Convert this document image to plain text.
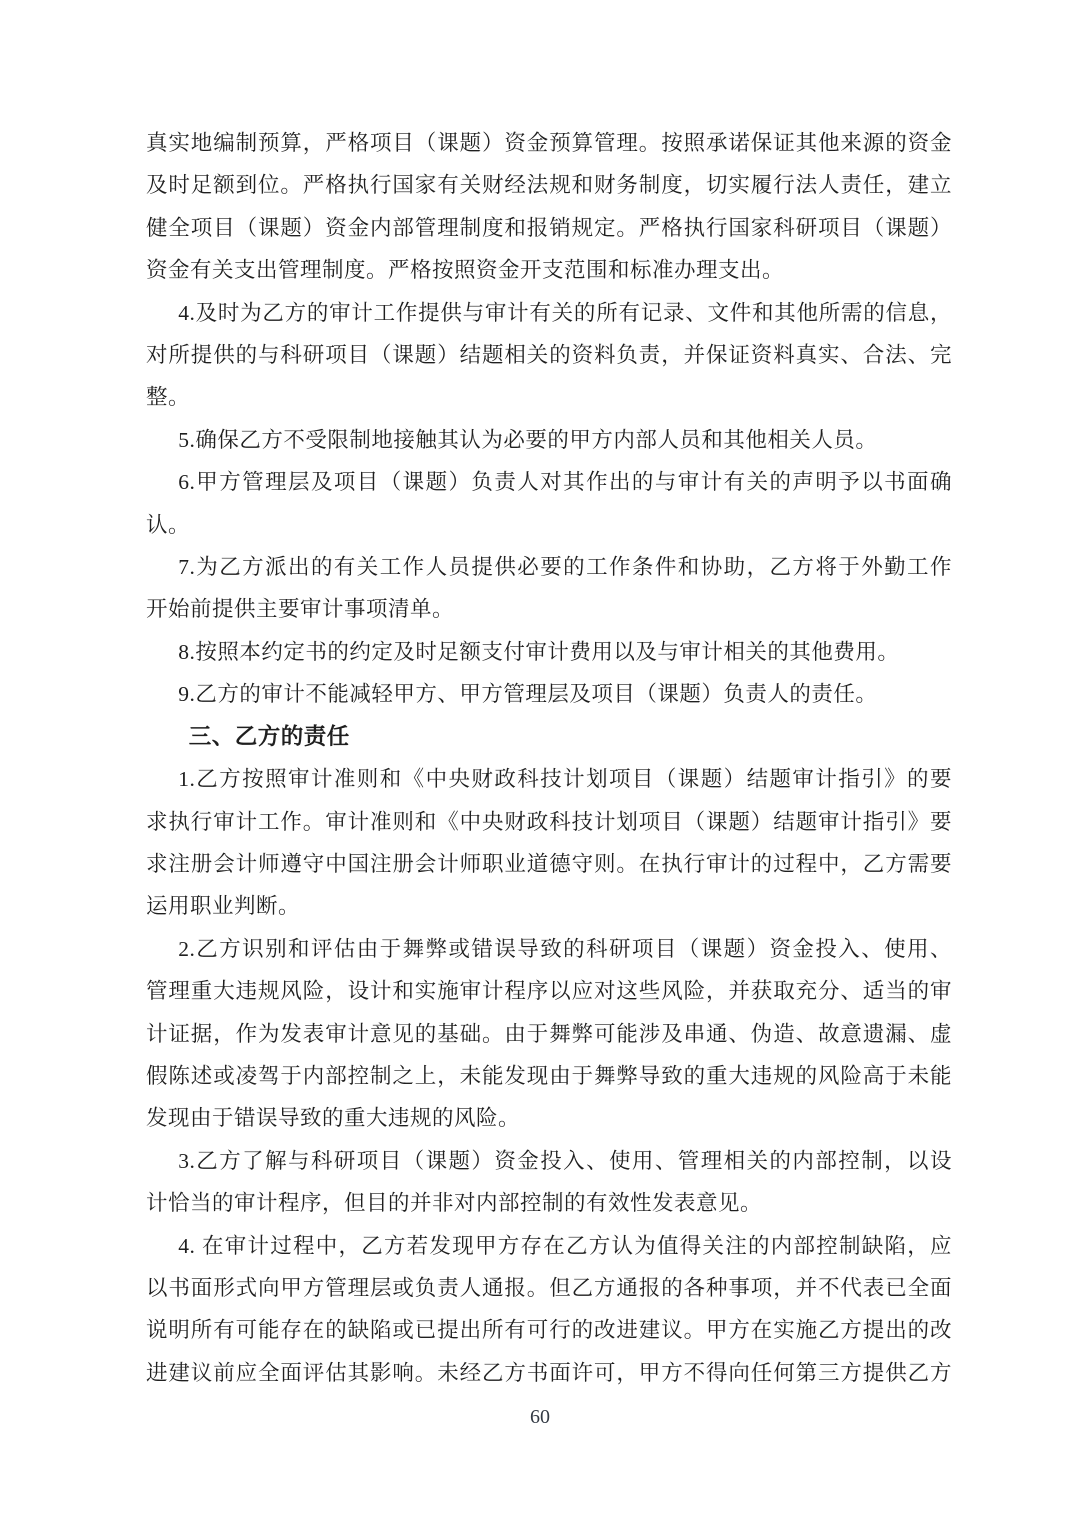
真实地编制预算，严格项目（课题）资金预算管理。按照承诺保证其他来源的资金
及时足额到位。严格执行国家有关财经法规和财务制度，切实履行法人责任，建立
健全项目（课题）资金内部管理制度和报销规定。严格执行国家科研项目（课题）
资金有关支出管理制度。严格按照资金开支范围和标准办理支出。
4.及时为乙方的审计工作提供与审计有关的所有记录、文件和其他所需的信息，
对所提供的与科研项目（课题）结题相关的资料负责，并保证资料真实、合法、完
整。
5.确保乙方不受限制地接触其认为必要的甲方内部人员和其他相关人员。
6.甲方管理层及项目（课题）负责人对其作出的与审计有关的声明予以书面确
认。
7.为乙方派出的有关工作人员提供必要的工作条件和协助，乙方将于外勤工作
开始前提供主要审计事项清单。
8.按照本约定书的约定及时足额支付审计费用以及与审计相关的其他费用。
9.乙方的审计不能减轻甲方、甲方管理层及项目（课题）负责人的责任。
三、乙方的责任
1.乙方按照审计准则和《中央财政科技计划项目（课题）结题审计指引》的要
求执行审计工作。审计准则和《中央财政科技计划项目（课题）结题审计指引》要
求注册会计师遵守中国注册会计师职业道德守则。在执行审计的过程中，乙方需要
运用职业判断。
2.乙方识别和评估由于舞弊或错误导致的科研项目（课题）资金投入、使用、
管理重大违规风险，设计和实施审计程序以应对这些风险，并获取充分、适当的审
计证据，作为发表审计意见的基础。由于舞弊可能涉及串通、伪造、故意遗漏、虚
假陈述或凌驾于内部控制之上，未能发现由于舞弊导致的重大违规的风险高于未能
发现由于错误导致的重大违规的风险。
3.乙方了解与科研项目（课题）资金投入、使用、管理相关的内部控制，以设
计恰当的审计程序，但目的并非对内部控制的有效性发表意见。
4. 在审计过程中，乙方若发现甲方存在乙方认为值得关注的内部控制缺陷，应
以书面形式向甲方管理层或负责人通报。但乙方通报的各种事项，并不代表已全面
说明所有可能存在的缺陷或已提出所有可行的改进建议。甲方在实施乙方提出的改
进建议前应全面评估其影响。未经乙方书面许可，甲方不得向任何第三方提供乙方
60
